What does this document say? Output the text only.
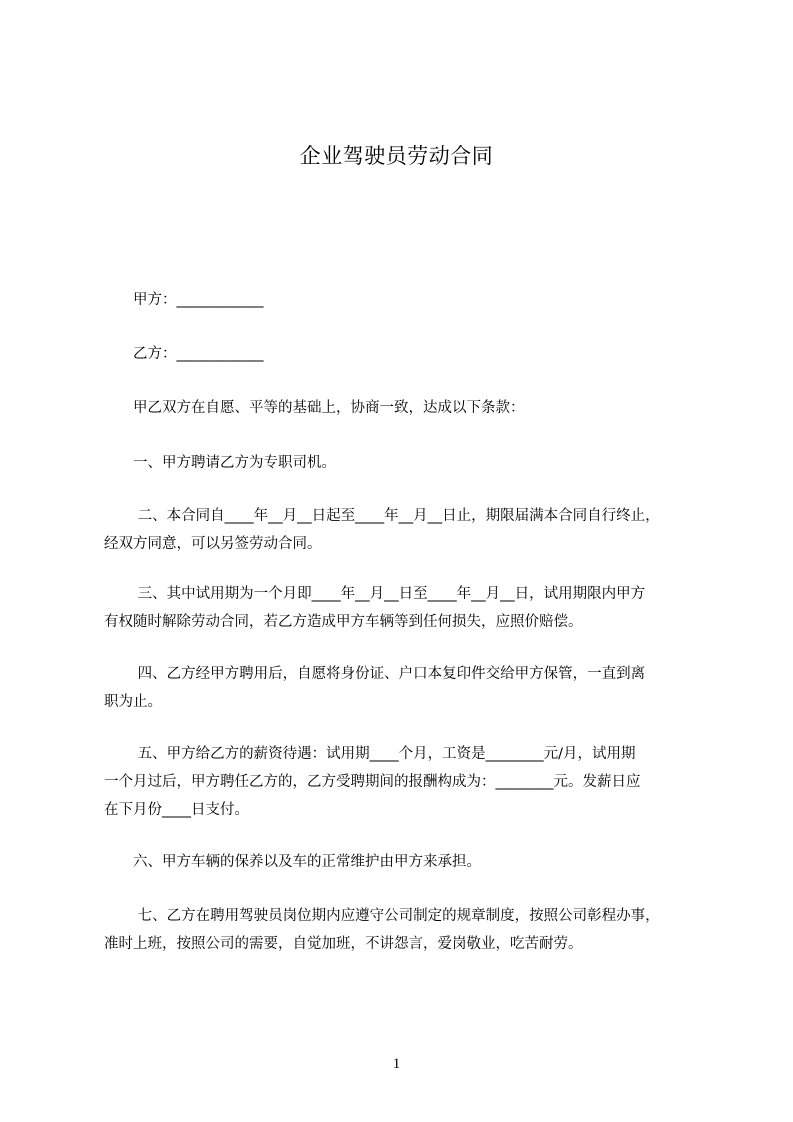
企业驾驶员劳动合同
　　甲方：____________
　　乙方：____________
　　甲乙双方在自愿、平等的基础上，协商一致，达成以下条款：
　　一、甲方聘请乙方为专职司机。
　　 二、本合同自____年__月__日起至____年__月__日止，期限届满本合同自行终止，
经双方同意，可以另签劳动合同。
　　 三、其中试用期为一个月即____年__月__日至____年__月__日，试用期限内甲方
有权随时解除劳动合同，若乙方造成甲方车辆等到任何损失，应照价赔偿。
　　 四、乙方经甲方聘用后，自愿将身份证、户口本复印件交给甲方保管，一直到离
职为止。
　　 五、甲方给乙方的薪资待遇：试用期____个月，工资是________元/月，试用期
一个月过后，甲方聘任乙方的，乙方受聘期间的报酬构成为：________元。发薪日应
在下月份____日支付。
　　六、甲方车辆的保养以及车的正常维护由甲方来承担。
　　 七、乙方在聘用驾驶员岗位期内应遵守公司制定的规章制度，按照公司彰程办事，
准时上班，按照公司的需要，自觉加班，不讲怨言，爱岗敬业，吃苦耐劳。
1
